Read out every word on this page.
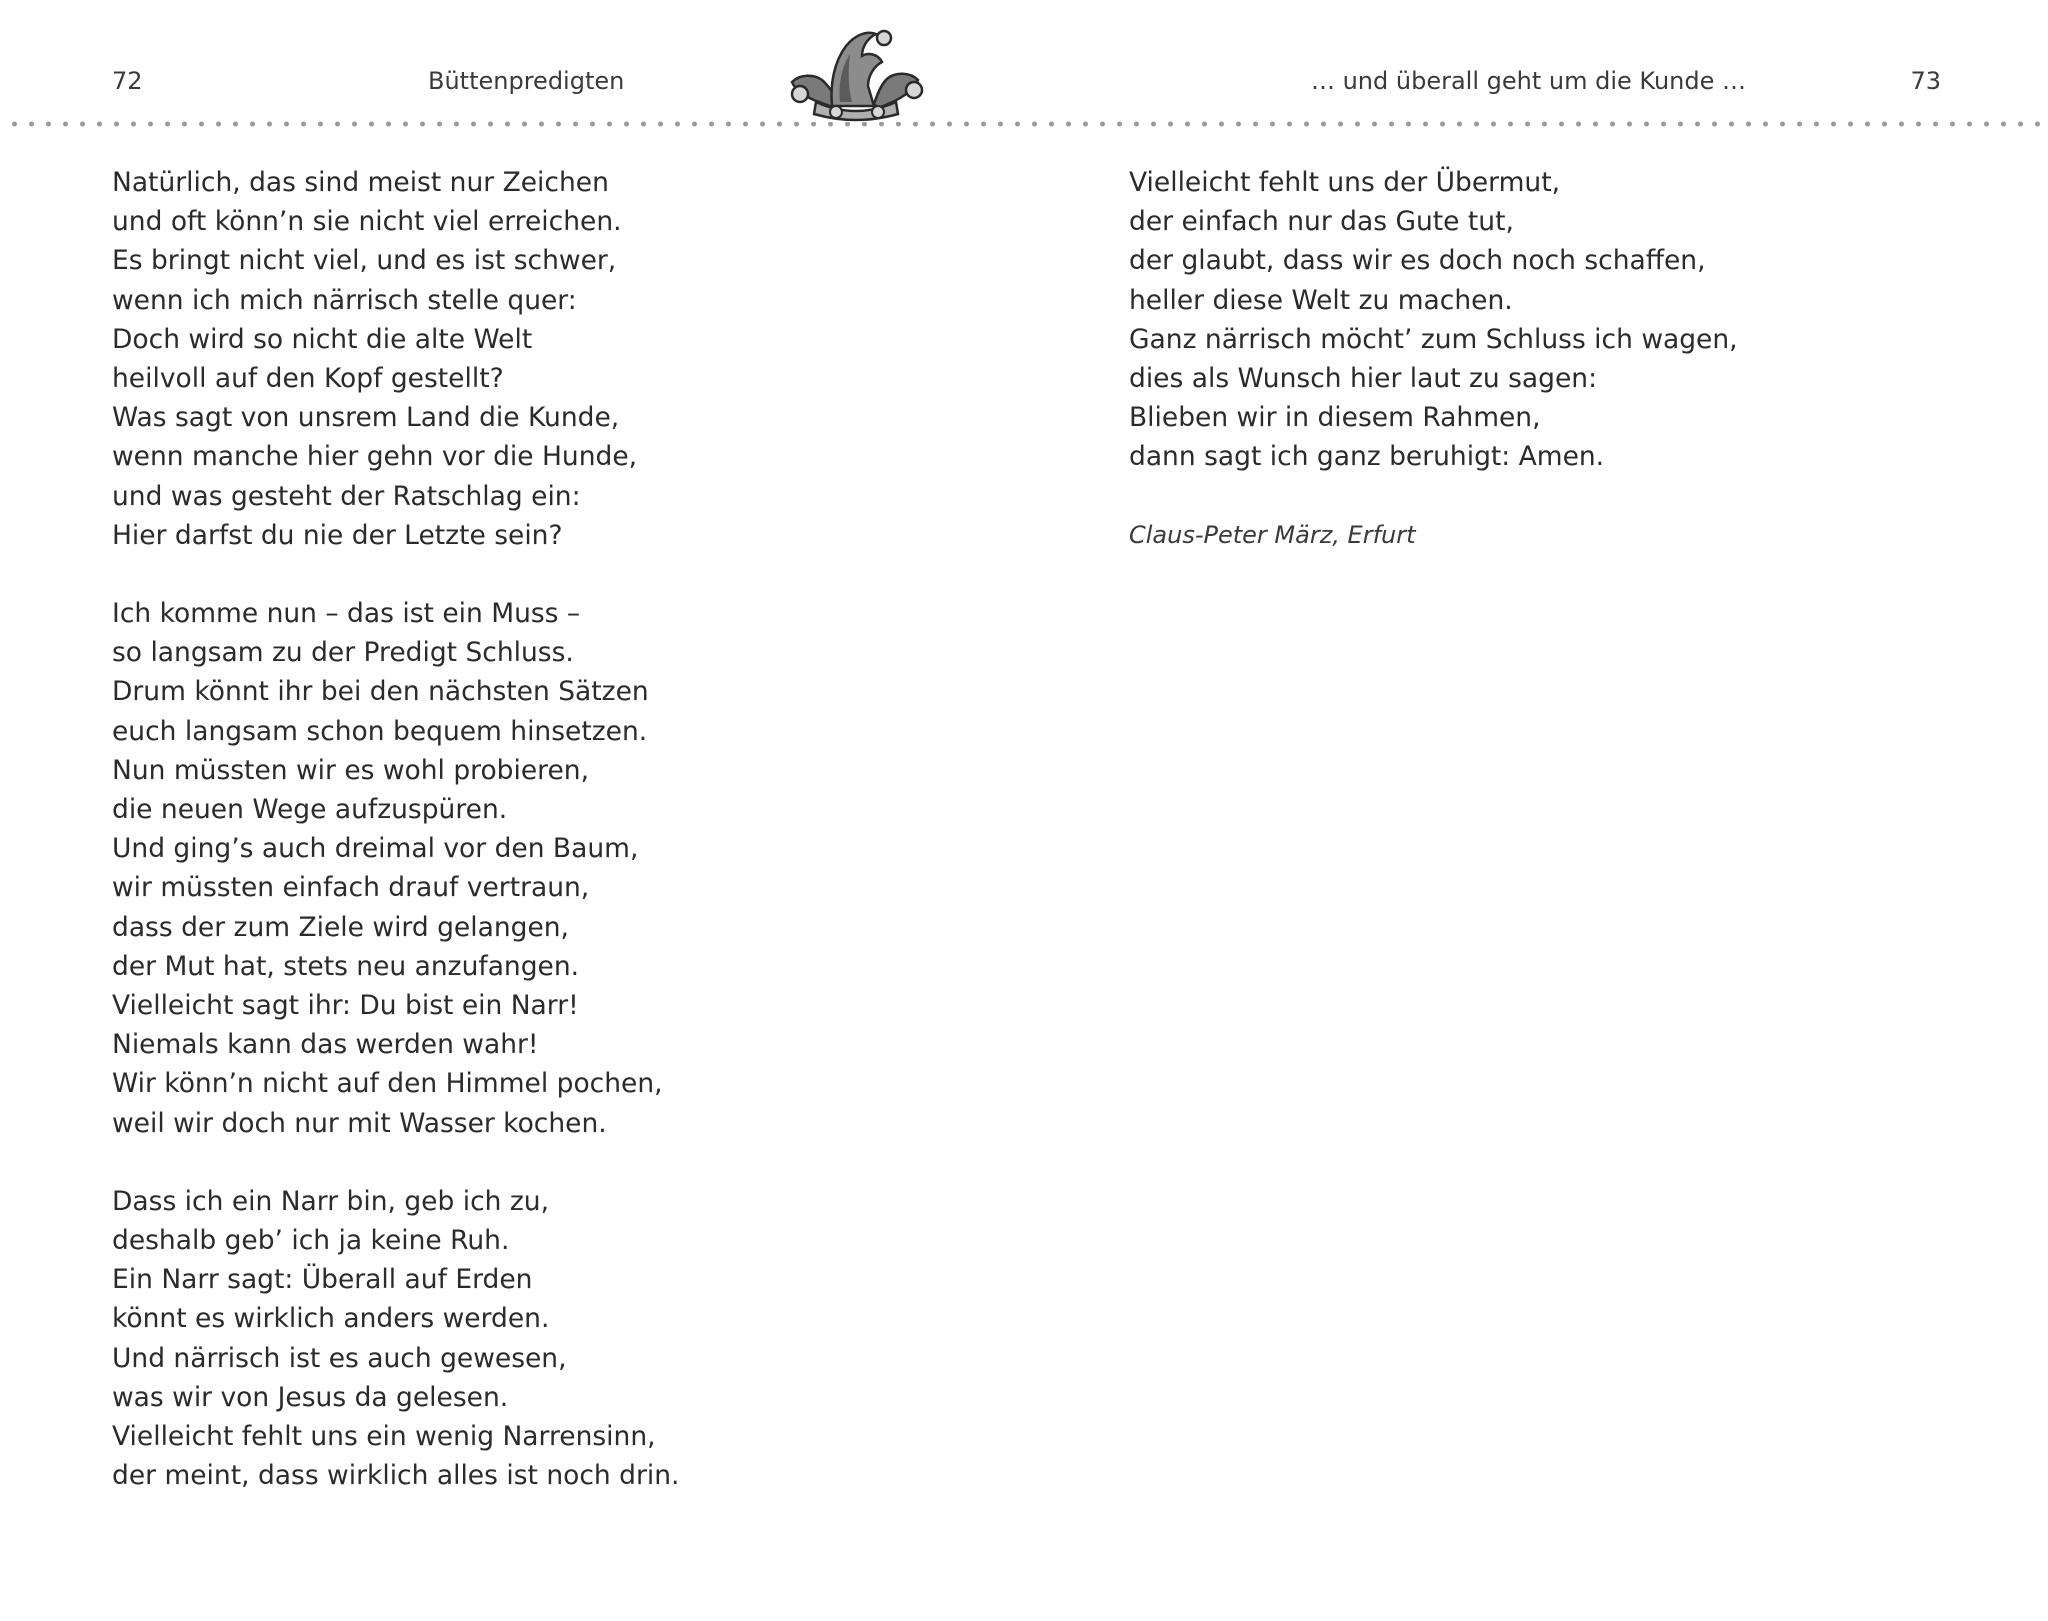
72	Büttenpredigten	… und überall geht um die Kunde …	73
Natürlich, das sind meist nur Zeichen
und oft könn’n sie nicht viel erreichen.
Es bringt nicht viel, und es ist schwer,
wenn ich mich närrisch stelle quer:
Doch wird so nicht die alte Welt
heilvoll auf den Kopf gestellt?
Was sagt von unsrem Land die Kunde,
wenn manche hier gehn vor die Hunde,
und was gesteht der Ratschlag ein:
Hier darfst du nie der Letzte sein?
Ich komme nun – das ist ein Muss –
so langsam zu der Predigt Schluss.
Drum könnt ihr bei den nächsten Sätzen
euch langsam schon bequem hinsetzen.
Nun müssten wir es wohl probieren,
die neuen Wege aufzuspüren.
Und ging’s auch dreimal vor den Baum,
wir müssten einfach drauf vertraun,
dass der zum Ziele wird gelangen,
der Mut hat, stets neu anzufangen.
Vielleicht sagt ihr: Du bist ein Narr!
Niemals kann das werden wahr!
Wir könn’n nicht auf den Himmel pochen,
weil wir doch nur mit Wasser kochen.
Dass ich ein Narr bin, geb ich zu,
deshalb geb’ ich ja keine Ruh.
Ein Narr sagt: Überall auf Erden
könnt es wirklich anders werden.
Und närrisch ist es auch gewesen,
was wir von Jesus da gelesen.
Vielleicht fehlt uns ein wenig Narrensinn,
der meint, dass wirklich alles ist noch drin.
Vielleicht fehlt uns der Übermut,
der einfach nur das Gute tut,
der glaubt, dass wir es doch noch schaffen,
heller diese Welt zu machen.
Ganz närrisch möcht’ zum Schluss ich wagen,
dies als Wunsch hier laut zu sagen:
Blieben wir in diesem Rahmen,
dann sagt ich ganz beruhigt: Amen.
Claus-Peter März, Erfurt
